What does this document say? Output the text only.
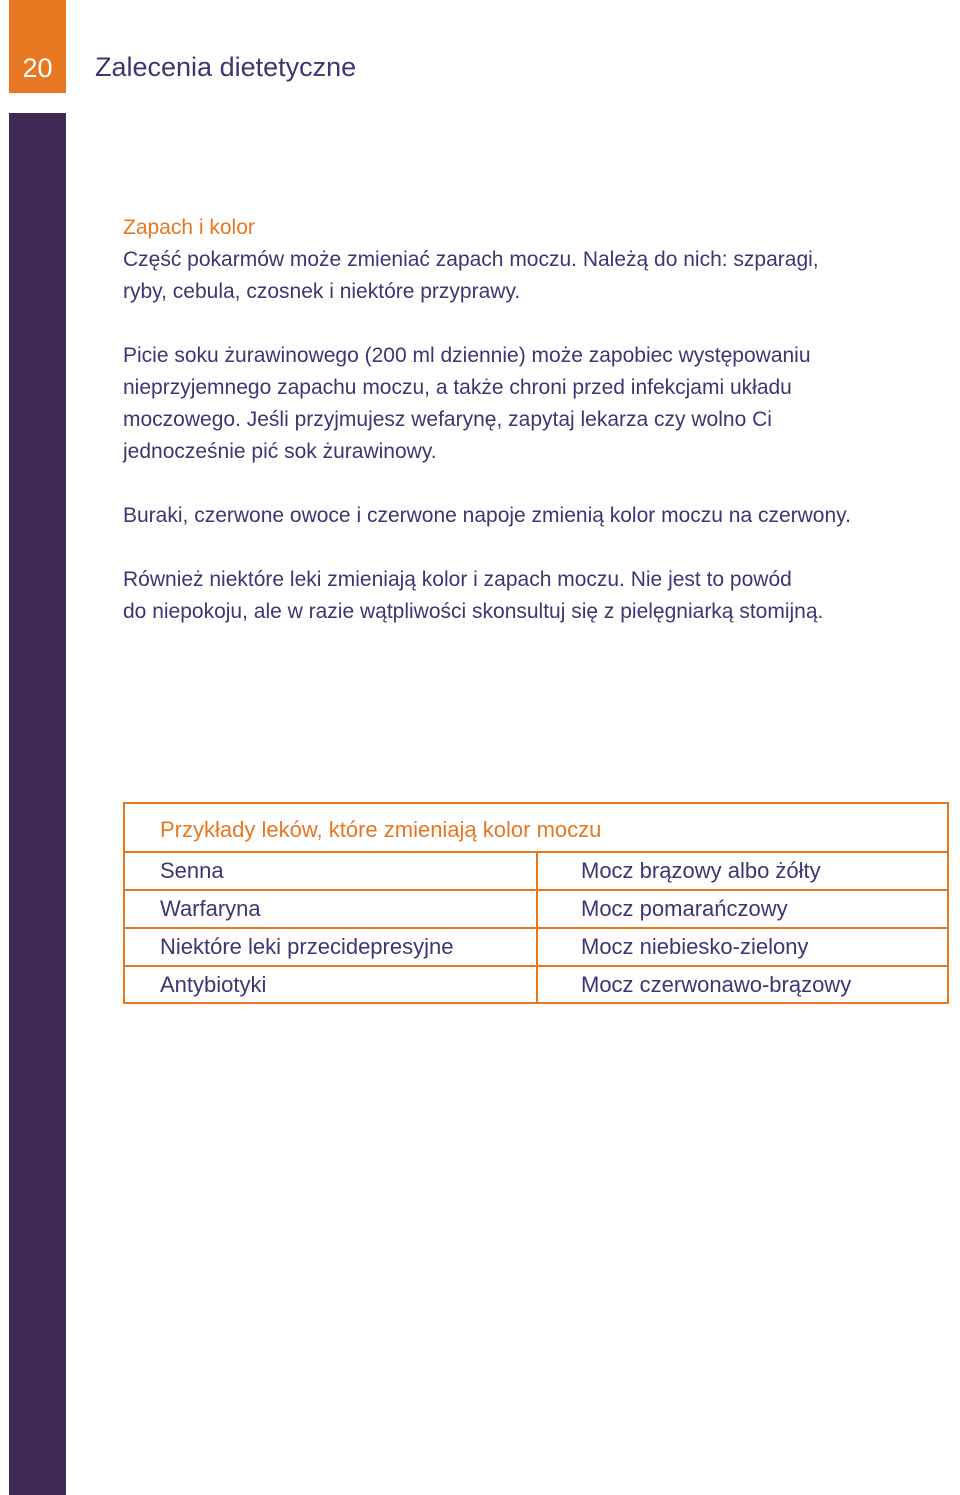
20 Zalecenia dietetyczne

Zapach i kolor

Część pokarmów może zmieniać zapach moczu. Należą do nich: szparagi,

ryby, cebula, czosnek i niektóre przyprawy.

Picie soku żurawinowego (200 ml dziennie) może zapobiec występowaniu

nieprzyjemnego zapachu moczu, a także chroni przed infekcjami układu

moczowego. Jeśli przyjmujesz wefarynę, zapytaj lekarza czy wolno Ci

jednocześnie pić sok żurawinowy.

Buraki, czerwone owoce i czerwone napoje zmienią kolor moczu na czerwony.

Również niektóre leki zmieniają kolor i zapach moczu. Nie jest to powód

do niepokoju, ale w razie wątpliwości skonsultuj się z pielęgniarką stomijną.

Przykłady leków, które zmieniają kolor moczu
Senna	Mocz brązowy albo żółty
Warfaryna	Mocz pomarańczowy
Niektóre leki przecidepresyjne	Mocz niebiesko-zielony
Antybiotyki	Mocz czerwonawo-brązowy
